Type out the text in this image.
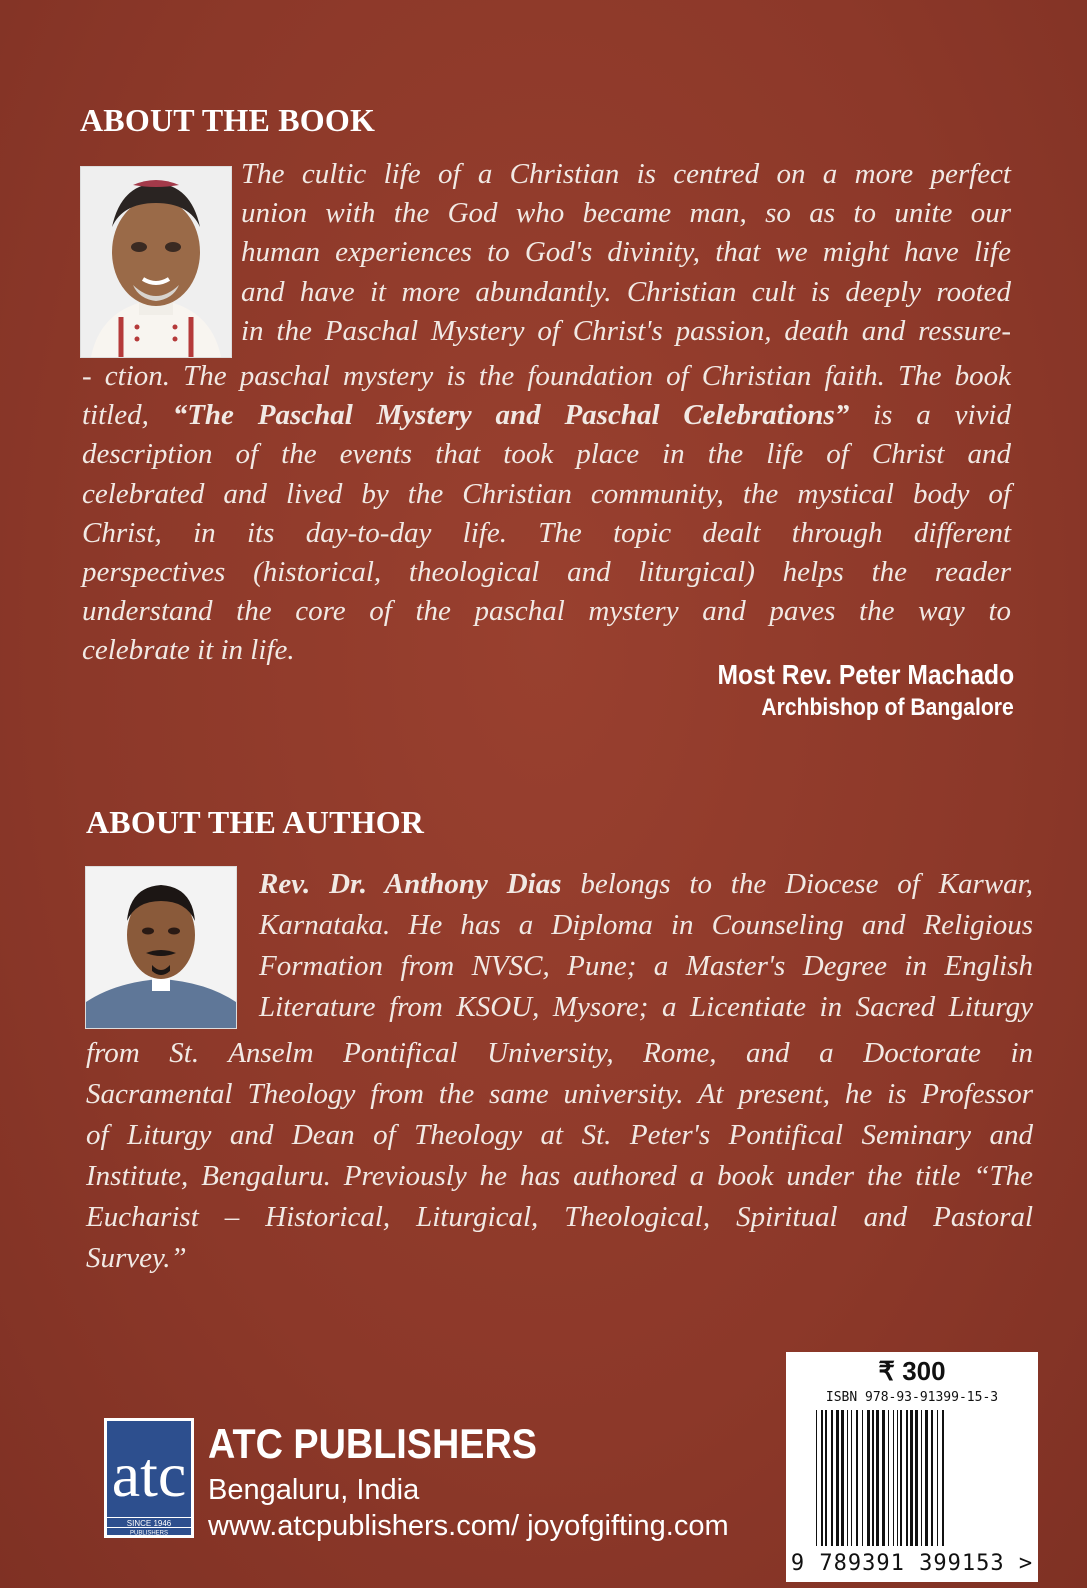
ABOUT THE BOOK
The cultic life of a Christian is centred on a more perfect
union with the God who became man, so as to unite our
human experiences to God's divinity, that we might have life
and have it more abundantly. Christian cult is deeply rooted
in the Paschal Mystery of Christ's passion, death and ressure-
- ction. The paschal mystery is the foundation of Christian faith. The book
titled, “The Paschal Mystery and Paschal Celebrations” is a vivid
description of the events that took place in the life of Christ and
celebrated and lived by the Christian community, the mystical body of
Christ, in its day-to-day life. The topic dealt through different
perspectives (historical, theological and liturgical) helps the reader
understand the core of the paschal mystery and paves the way to
celebrate it in life.
Most Rev. Peter Machado
Archbishop of Bangalore
ABOUT THE AUTHOR
Rev. Dr. Anthony Dias belongs to the Diocese of Karwar,
Karnataka. He has a Diploma in Counseling and Religious
Formation from NVSC, Pune; a Master's Degree in English
Literature from KSOU, Mysore; a Licentiate in Sacred Liturgy
from St. Anselm Pontifical University, Rome, and a Doctorate in
Sacramental Theology from the same university. At present, he is Professor
of Liturgy and Dean of Theology at St. Peter's Pontifical Seminary and
Institute, Bengaluru. Previously he has authored a book under the title “The
Eucharist – Historical, Liturgical, Theological, Spiritual and Pastoral
Survey.”
₹ 300
ISBN 978-93-91399-15-3
9 789391 399153 >
atc
SINCE 1946
PUBLISHERS
ATC PUBLISHERS
Bengaluru, India
www.atcpublishers.com/ joyofgifting.com
